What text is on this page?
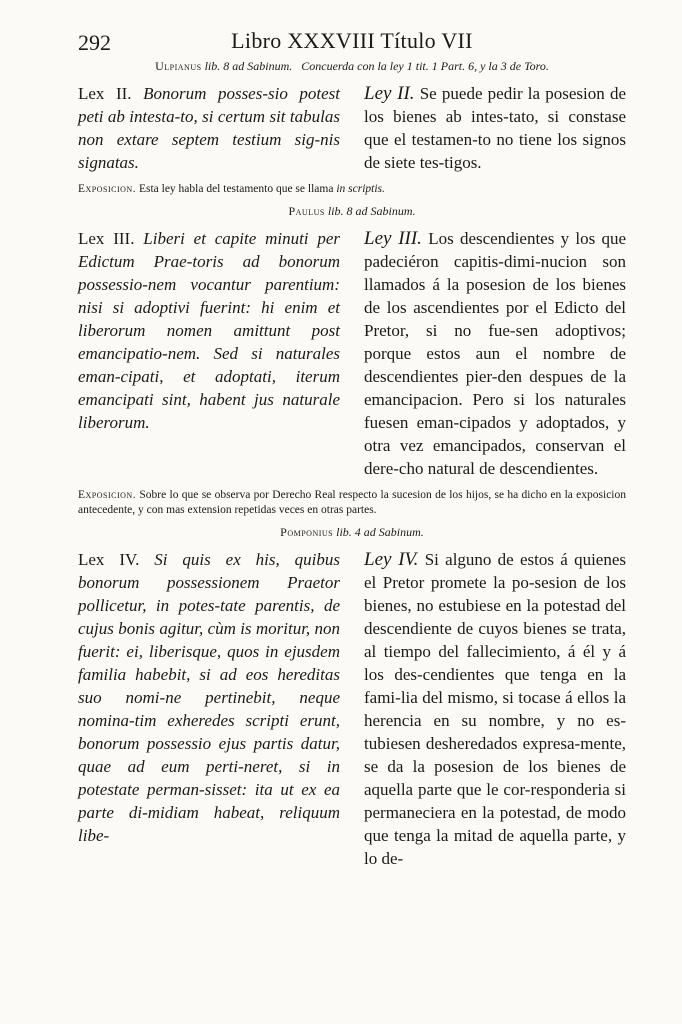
292	Libro XXXVIII Título VII

Ulpianus lib. 8 ad Sabinum. Concuerda con la ley 1 tit. 1 Part. 6, y la 3 de Toro.

Lex II. Bonorum posses-sio potest peti ab intesta-to, si certum sit tabulas non extare septem testium sig-nis signatas.

Ley II. Se puede pedir la posesion de los bienes ab intes-tato, si constase que el testamen-to no tiene los signos de siete tes-tigos.

Exposicion. Esta ley habla del testamento que se llama in scriptis.

Paulus lib. 8 ad Sabinum.

Lex III. Liberi et capite minuti per Edictum Prae-toris ad bonorum possessio-nem vocantur parentium: nisi si adoptivi fuerint: hi enim et liberorum nomen amittunt post emancipatio-nem. Sed si naturales eman-cipati, et adoptati, iterum emancipati sint, habent jus naturale liberorum.

Ley III. Los descendientes y los que padeciéron capitis-dimi-nucion son llamados á la posesion de los bienes de los ascendientes por el Edicto del Pretor, si no fue-sen adoptivos; porque estos aun el nombre de descendientes pier-den despues de la emancipacion. Pero si los naturales fuesen eman-cipados y adoptados, y otra vez emancipados, conservan el dere-cho natural de descendientes.

Exposicion. Sobre lo que se observa por Derecho Real respecto la sucesion de los hijos, se ha dicho en la exposicion antecedente, y con mas extension repetidas veces en otras partes.

Pomponius lib. 4 ad Sabinum.

Lex IV. Si quis ex his, quibus bonorum possessionem Praetor pollicetur, in potes-tate parentis, de cujus bonis agitur, cùm is moritur, non fuerit: ei, liberisque, quos in ejusdem familia habebit, si ad eos hereditas suo nomi-ne pertinebit, neque nomina-tim exheredes scripti erunt, bonorum possessio ejus partis datur, quae ad eum perti-neret, si in potestate perman-sisset: ita ut ex ea parte di-midiam habeat, reliquum libe-

Ley IV. Si alguno de estos á quienes el Pretor promete la po-sesion de los bienes, no estubiese en la potestad del descendiente de cuyos bienes se trata, al tiempo del fallecimiento, á él y á los des-cendientes que tenga en la fami-lia del mismo, si tocase á ellos la herencia en su nombre, y no es-tubiesen desheredados expresa-mente, se da la posesion de los bienes de aquella parte que le cor-responderia si permaneciera en la potestad, de modo que tenga la mitad de aquella parte, y lo de-
